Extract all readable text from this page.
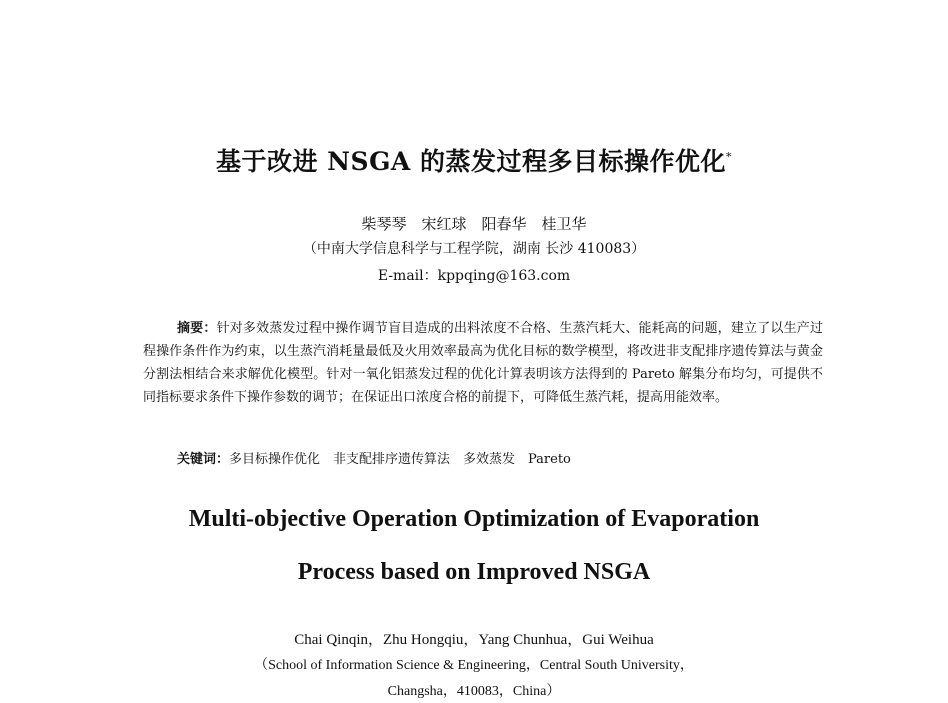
基于改进 NSGA 的蒸发过程多目标操作优化*
柴琴琴　宋红球　阳春华　桂卫华
（中南大学信息科学与工程学院，湖南 长沙 410083）
E-mail：kppqing@163.com

摘要：针对多效蒸发过程中操作调节盲目造成的出料浓度不合格、生蒸汽耗大、能耗高的问题，建立了以生产过程操作条件作为约束，以生蒸汽消耗量最低及火用效率最高为优化目标的数学模型，将改进非支配排序遗传算法与黄金分割法相结合来求解优化模型。针对一氧化铝蒸发过程的优化计算表明该方法得到的 Pareto 解集分布均匀，可提供不同指标要求条件下操作参数的调节；在保证出口浓度合格的前提下，可降低生蒸汽耗，提高用能效率。

关键词：多目标操作优化　非支配排序遗传算法　多效蒸发　Pareto
Multi-objective Operation Optimization of Evaporation
Process based on Improved NSGA
Chai Qinqin，Zhu Hongqiu，Yang Chunhua，Gui Weihua
（School of Information Science & Engineering，Central South University，
Changsha，410083，China）
